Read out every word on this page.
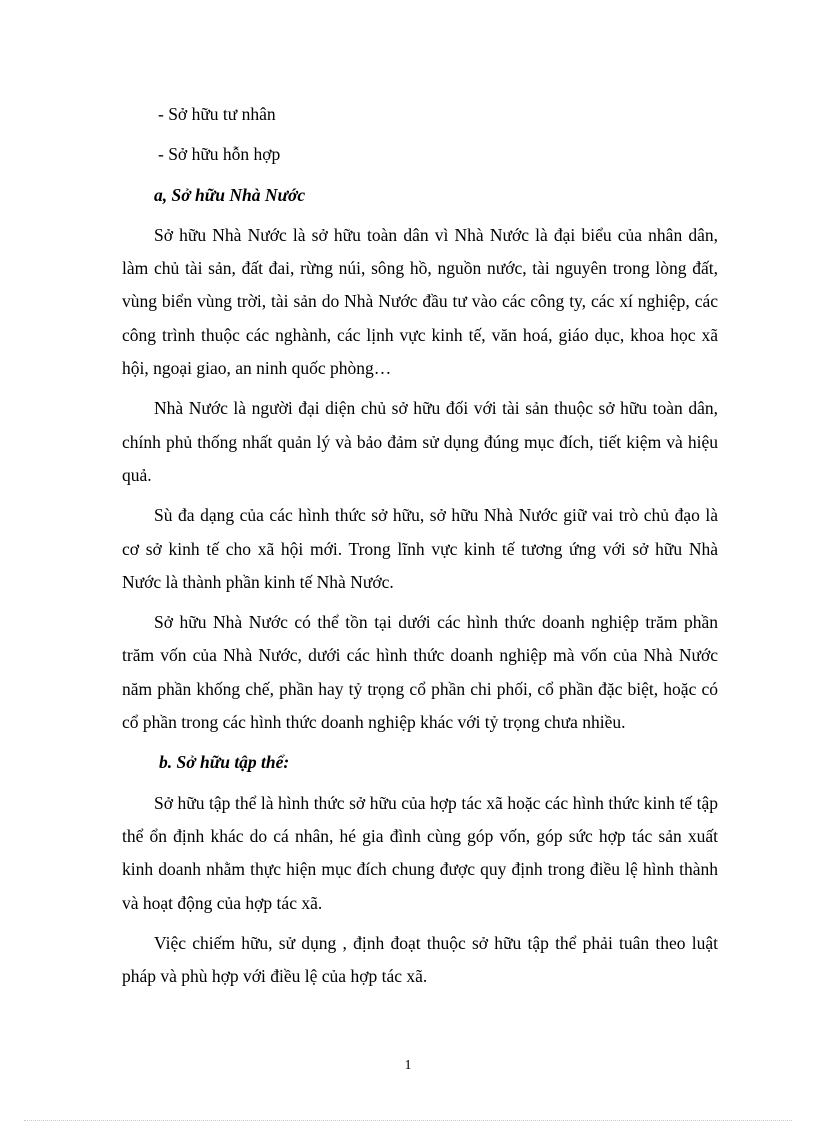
- Sở hữu tư nhân

- Sở hữu hỗn hợp

a, Sở hữu Nhà Nước

Sở hữu Nhà Nước là sở hữu toàn dân vì Nhà Nước là đại biểu của nhân dân, làm chủ tài sản, đất đai, rừng núi, sông hồ, nguồn nước, tài nguyên trong lòng đất, vùng biển vùng trời, tài sản do Nhà Nước đầu tư vào các công ty, các xí nghiệp, các công trình thuộc các nghành, các lịnh vực kinh tế, văn hoá, giáo dục, khoa học xã hội, ngoại giao, an ninh quốc phòng…

Nhà Nước là người đại diện chủ sở hữu đối với tài sản thuộc sở hữu toàn dân, chính phủ thống nhất quản lý và bảo đảm sử dụng đúng mục đích, tiết kiệm và hiệu quả.

Sù đa dạng của các hình thức sở hữu, sở hữu Nhà Nước giữ vai trò chủ đạo là cơ sở kinh tế cho xã hội mới. Trong lĩnh vực kinh tế tương ứng với sở hữu Nhà Nước là thành phần kinh tế Nhà Nước.

Sở hữu Nhà Nước có thể tồn tại dưới các hình thức doanh nghiệp trăm phần trăm vốn của Nhà Nước, dưới các hình thức doanh nghiệp mà vốn của Nhà Nước năm phần khống chế, phần hay tỷ trọng cổ phần chi phối, cổ phần đặc biệt, hoặc có cổ phần trong các hình thức doanh nghiệp khác với tỷ trọng chưa nhiều.

b. Sở hữu tập thể:

Sở hữu tập thể là hình thức sở hữu của hợp tác xã hoặc các hình thức kinh tế tập thể ổn định khác do cá nhân, hé gia đình cùng góp vốn, góp sức hợp tác sản xuất kinh doanh nhằm thực hiện mục đích chung được quy định trong điều lệ hình thành và hoạt động của hợp tác xã.

Việc chiếm hữu, sử dụng , định đoạt thuộc sở hữu tập thể phải tuân theo luật pháp và phù hợp với điều lệ của hợp tác xã.

1
